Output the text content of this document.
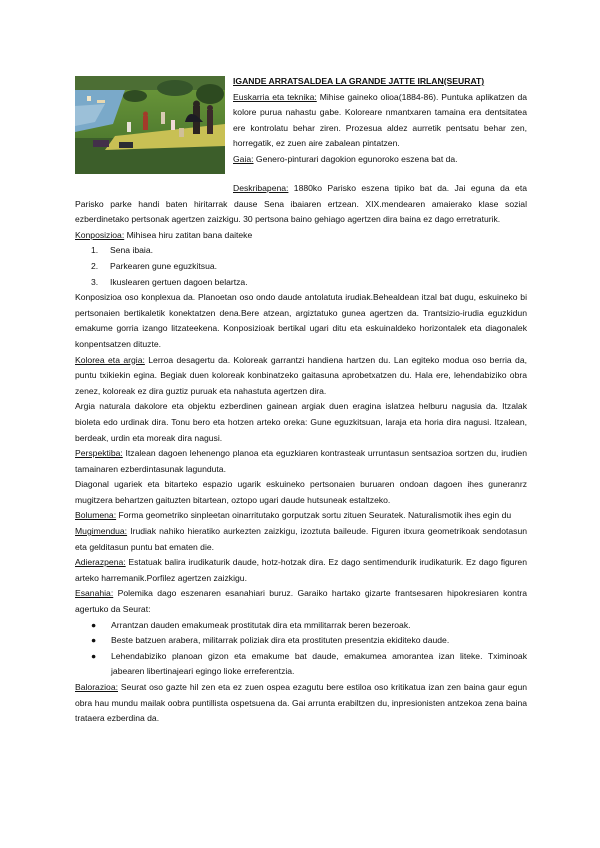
IGANDE ARRATSALDEA LA GRANDE JATTE IRLAN(SEURAT)

Euskarria eta teknika: Mihise gaineko olioa(1884-86). Puntuka aplikatzen da kolore purua nahastu gabe. Koloreare nmantxaren tamaina era dentsitatea ere kontrolatu behar ziren. Prozesua aldez aurretik pentsatu behar zen, horregatik, ez zuen aire zabalean pintatzen.

Gaia: Genero-pinturari dagokion egunoroko eszena bat da.

Deskribapena: 1880ko Parisko eszena tipiko bat da. Jai eguna da eta Parisko parke handi baten hiritarrak dause Sena ibaiaren ertzean. XIX.mendearen amaierako klase sozial ezberdinetako pertsonak agertzen zaizkigu. 30 pertsona baino gehiago agertzen dira baina ez dago erretraturik.

Konposizioa: Mihisea hiru zatitan bana daiteke

1. Sena ibaia.
2. Parkearen gune eguzkitsua.
3. Ikuslearen gertuen dagoen belartza.

Konposizioa oso konplexua da. Planoetan oso ondo daude antolatuta irudiak.Behealdean itzal bat dugu, eskuineko bi pertsonaien bertikaletik konektatzen dena.Bere atzean, argiztatuko gunea agertzen da. Trantsizio-irudia eguzkidun emakume gorria izango litzateekena. Konposizioak bertikal ugari ditu eta eskuinaldeko horizontalek eta diagonalek konpentsatzen dituzte.

Kolorea eta argia: Lerroa desagertu da. Koloreak garrantzi handiena hartzen du. Lan egiteko modua oso berria da, puntu txikiekin egina. Begiak duen koloreak konbinatzeko gaitasuna aprobetxatzen du. Hala ere, lehendabiziko obra zenez, koloreak ez dira guztiz puruak eta nahastuta agertzen dira.

Argia naturala dakolore eta objektu ezberdinen gainean argiak duen eragina islatzea helburu nagusia da. Itzalak bioleta edo urdinak dira. Tonu bero eta hotzen arteko oreka: Gune eguzkitsuan, laraja eta horia dira nagusi. Itzalean, berdeak, urdin eta moreak dira nagusi.

Perspektiba: Itzalean dagoen lehenengo planoa eta eguzkiaren kontrasteak urruntasun sentsazioa sortzen du, irudien tamainaren ezberdintasunak lagunduta.

Diagonal ugariek eta bitarteko espazio ugarik eskuineko pertsonaien buruaren ondoan dagoen ihes guneranrz mugitzera behartzen gaituzten bitartean, oztopo ugari daude hutsuneak estaltzeko.

Bolumena: Forma geometriko sinpleetan oinarritutako gorputzak sortu zituen Seuratek. Naturalismotik ihes egin du

Mugimendua: Irudiak nahiko hieratiko aurkezten zaizkigu, izoztuta baileude. Figuren itxura geometrikoak sendotasun eta gelditasun puntu bat ematen die.

Adierazpena: Estatuak balira irudikaturik daude, hotz-hotzak dira. Ez dago sentimendurik irudikaturik. Ez dago figuren arteko harremanik.Porfilez agertzen zaizkigu.

Esanahia: Polemika dago eszenaren esanahiari buruz. Garaiko hartako gizarte frantsesaren hipokresiaren kontra agertuko da Seurat:

● Arrantzan dauden emakumeak prostitutak dira eta mmilitarrak beren bezeroak.
● Beste batzuen arabera, militarrak poliziak dira eta prostituten presentzia ekiditeko daude.
● Lehendabiziko planoan gizon eta emakume bat daude, emakumea amorantea izan liteke. Tximinoak jabearen libertinajeari egingo lioke erreferentzia.

Balorazioa: Seurat oso gazte hil zen eta ez zuen ospea ezagutu bere estiloa oso kritikatua izan zen baina gaur egun obra hau mundu mailak oobra puntillista ospetsuena da. Gai arrunta erabiltzen du, inpresionisten antzekoa zena baina trataera ezberdina da.
